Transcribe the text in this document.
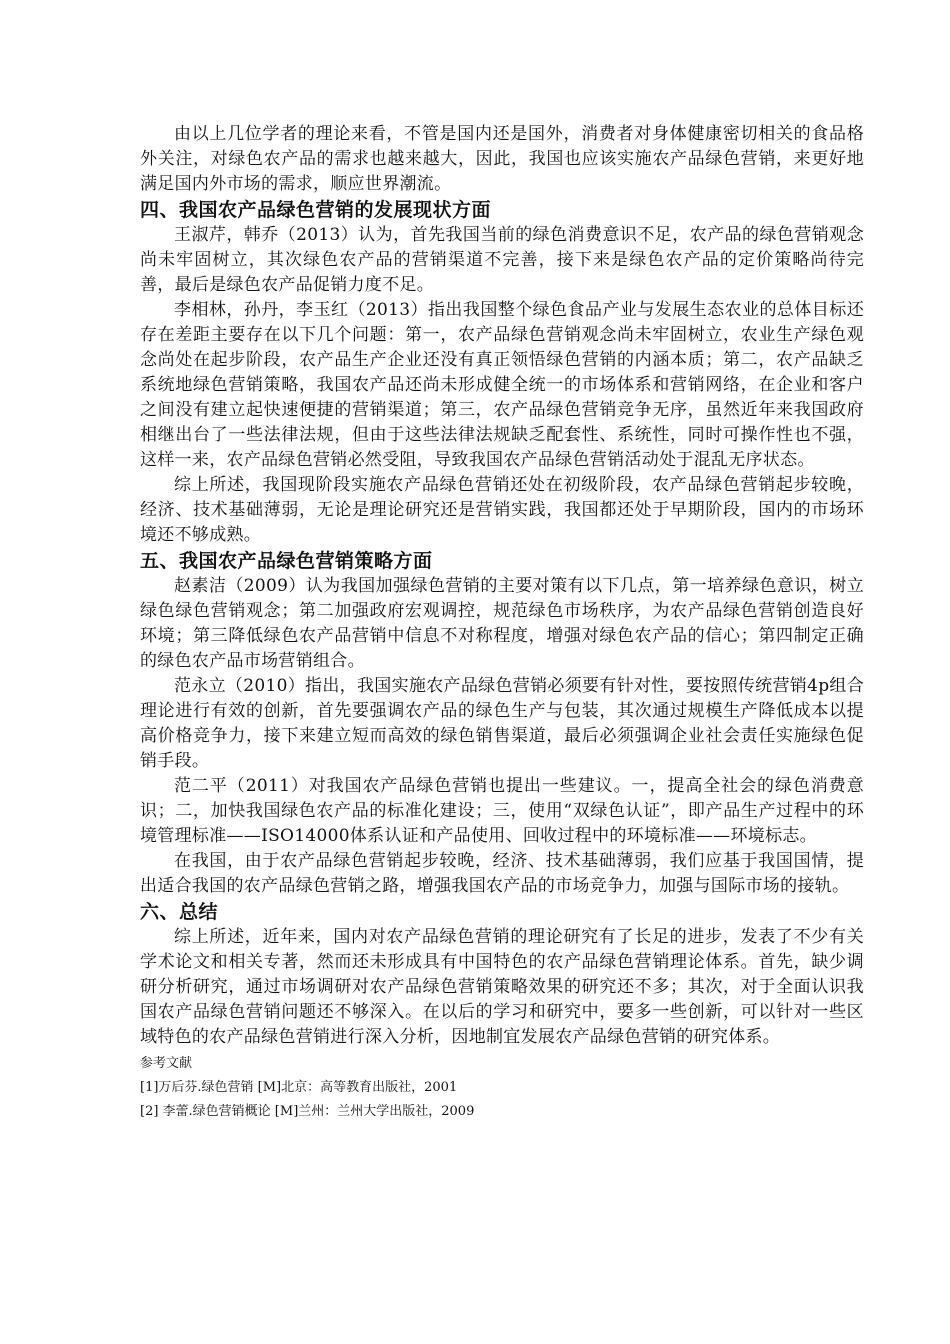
由以上几位学者的理论来看，不管是国内还是国外，消费者对身体健康密切相关的食品格外关注，对绿色农产品的需求也越来越大，因此，我国也应该实施农产品绿色营销，来更好地满足国内外市场的需求，顺应世界潮流。

四、我国农产品绿色营销的发展现状方面

王淑芹，韩乔（2013）认为，首先我国当前的绿色消费意识不足，农产品的绿色营销观念尚未牢固树立，其次绿色农产品的营销渠道不完善，接下来是绿色农产品的定价策略尚待完善，最后是绿色农产品促销力度不足。

李相林，孙丹，李玉红（2013）指出我国整个绿色食品产业与发展生态农业的总体目标还存在差距主要存在以下几个问题：第一，农产品绿色营销观念尚未牢固树立，农业生产绿色观念尚处在起步阶段，农产品生产企业还没有真正领悟绿色营销的内涵本质；第二，农产品缺乏系统地绿色营销策略，我国农产品还尚未形成健全统一的市场体系和营销网络，在企业和客户之间没有建立起快速便捷的营销渠道；第三，农产品绿色营销竞争无序，虽然近年来我国政府相继出台了一些法律法规，但由于这些法律法规缺乏配套性、系统性，同时可操作性也不强，这样一来，农产品绿色营销必然受阻，导致我国农产品绿色营销活动处于混乱无序状态。

综上所述，我国现阶段实施农产品绿色营销还处在初级阶段，农产品绿色营销起步较晚，经济、技术基础薄弱，无论是理论研究还是营销实践，我国都还处于早期阶段，国内的市场环境还不够成熟。

五、我国农产品绿色营销策略方面

赵素洁（2009）认为我国加强绿色营销的主要对策有以下几点，第一培养绿色意识，树立绿色绿色营销观念；第二加强政府宏观调控，规范绿色市场秩序，为农产品绿色营销创造良好环境；第三降低绿色农产品营销中信息不对称程度，增强对绿色农产品的信心；第四制定正确的绿色农产品市场营销组合。

范永立（2010）指出，我国实施农产品绿色营销必须要有针对性，要按照传统营销4p组合理论进行有效的创新，首先要强调农产品的绿色生产与包装，其次通过规模生产降低成本以提高价格竞争力，接下来建立短而高效的绿色销售渠道，最后必须强调企业社会责任实施绿色促销手段。

范二平（2011）对我国农产品绿色营销也提出一些建议。一，提高全社会的绿色消费意识；二，加快我国绿色农产品的标准化建设；三，使用“双绿色认证”，即产品生产过程中的环境管理标准——ISO14000体系认证和产品使用、回收过程中的环境标准——环境标志。

在我国，由于农产品绿色营销起步较晚，经济、技术基础薄弱，我们应基于我国国情，提出适合我国的农产品绿色营销之路，增强我国农产品的市场竞争力，加强与国际市场的接轨。

六、总结

综上所述，近年来，国内对农产品绿色营销的理论研究有了长足的进步，发表了不少有关学术论文和相关专著，然而还未形成具有中国特色的农产品绿色营销理论体系。首先，缺少调研分析研究，通过市场调研对农产品绿色营销策略效果的研究还不多；其次，对于全面认识我国农产品绿色营销问题还不够深入。在以后的学习和研究中，要多一些创新，可以针对一些区域特色的农产品绿色营销进行深入分析，因地制宜发展农产品绿色营销的研究体系。

参考文献

[1]万后芬.绿色营销 [M]北京：高等教育出版社，2001

[2] 李蕾.绿色营销概论 [M]兰州：兰州大学出版社，2009
